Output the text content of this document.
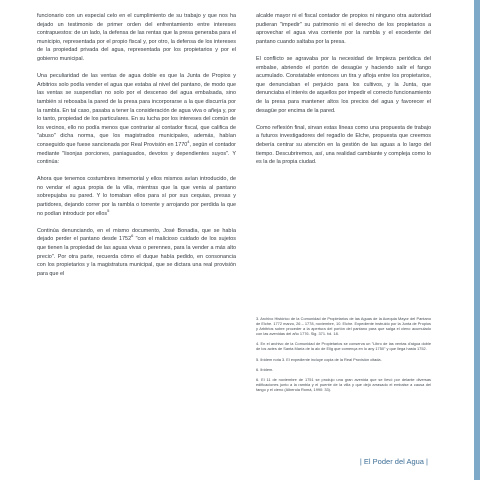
funcionario con un especial celo en el cumplimiento de su trabajo y que nos ha dejado un testimonio de primer orden del enfrentamiento entre intereses contrapuestos: de un lado, la defensa de las rentas que la presa generaba para el municipio, representada por el propio fiscal y, por otro, la defensa de los intereses de la propiedad privada del agua, representada por los propietarios y por el gobierno municipal.

Una peculiaridad de las ventas de agua doble es que la Junta de Propios y Arbitrios solo podía vender el agua que estaba al nivel del pantano, de modo que las ventas se suspendían no solo por el descenso del agua embalsada, sino también si rebosaba la pared de la presa para incorporarse a la que discurría por la rambla. En tal caso, pasaba a tener la consideración de agua viva o añeja y, por lo tanto, propiedad de los particulares. En su lucha por los intereses del común de los vecinos, ello no podía menos que contrariar al contador fiscal, que califica de "abuso" dicha norma, que los magistrados municipales, además, habían conseguido que fuese sancionada por Real Provisión en 1770$^4$, según el contador mediante "lisonjas porciones, paniaguados, devotos y dependientes suyos". Y continúa:

Ahora que tenemos costumbres inmemorial y ellos mismos avían introducido, de no vendar el agua propia de la villa, mientras que la que venia al pantano sobrepujaba su pared. Y lo tomaban ellos para sí por sus cequias, presas y partidores, dejando correr por la rambla o torrente y arrojando por perdida la que no podían introducir por ellos$^5$

Continúa denunciando, en el mismo documento, José Bonadia, que se había dejado perder el pantano desde 1752$^6$ "con el malicioso cuidado de los sujetos que tienen la propiedad de las aguas vivas o perennes, para la vender a más alto precio". Por otra parte, recuerda cómo el duque había pedido, en consonancia con los propietarios y la magistratura municipal, que se dictara una real provisión para que el

alcalde mayor ni el fiscal contador de propios ni ninguno otra autoridad pudieran "impedir" su patrimonio ni el derecho de los propietarios a aprovechar el agua viva corriente por la rambla y el excedente del pantano cuando saltaba por la presa.

El conflicto se agravaba por la necesidad de limpieza periódica del embalse, abriendo el portón de desagüe y haciendo salir el fango acumulado. Constatable entonces un tira y afloja entre los propietarios, que denunciaban el perjuicio para los cultivos, y la Junta, que denunciaba el interés de aquellos por impedir el correcto funcionamiento de la presa para mantener altos los precios del agua y favorecer el desagüe por encima de la pared.

Como reflexión final, sirvan estas líneas como una propuesta de trabajo a futuros investigadores del regadío de Elche, propuesta que creemos debería centrar su atención en la gestión de las aguas a lo largo del tiempo. Descubriremos, así, una realidad cambiante y compleja como lo es la de la propia ciudad.

3. Archivo Histórico de la Comunidad de Propietarios de las Aguas de la Acequia Mayor del Pantano de Elche. 1772 marzo, 26 – 1778, noviembre, 10. Elche. Expediente instruido por la Junta de Propios y Arbitrios sobre proceder a la apertura del portón del pantano para que salga el cieno acumulado con las avenidas del año 1776. Sig. 371. fol. 18.

4. En el archivo de la Comunidad de Propietarios se conserva un "Libro de las ventas d'aigua doble de los actes de Santa María de la alc de Elig que comença en lo any 1750" y que llega hasta 1752.

5. Ibídem nota 3. El expediente incluye copia de la Real Provisión citada.

6. Ibídem.

6. El 11 de noviembre de 1751 se produjo una gran avenida que se llevó por delante diversas edificaciones junto a la rambla y el puente de la villa y que dejó arrasado el embalse a causa del fango y el cieno (Alberola Romá, 1990: 33).

| El Poder del Agua |
